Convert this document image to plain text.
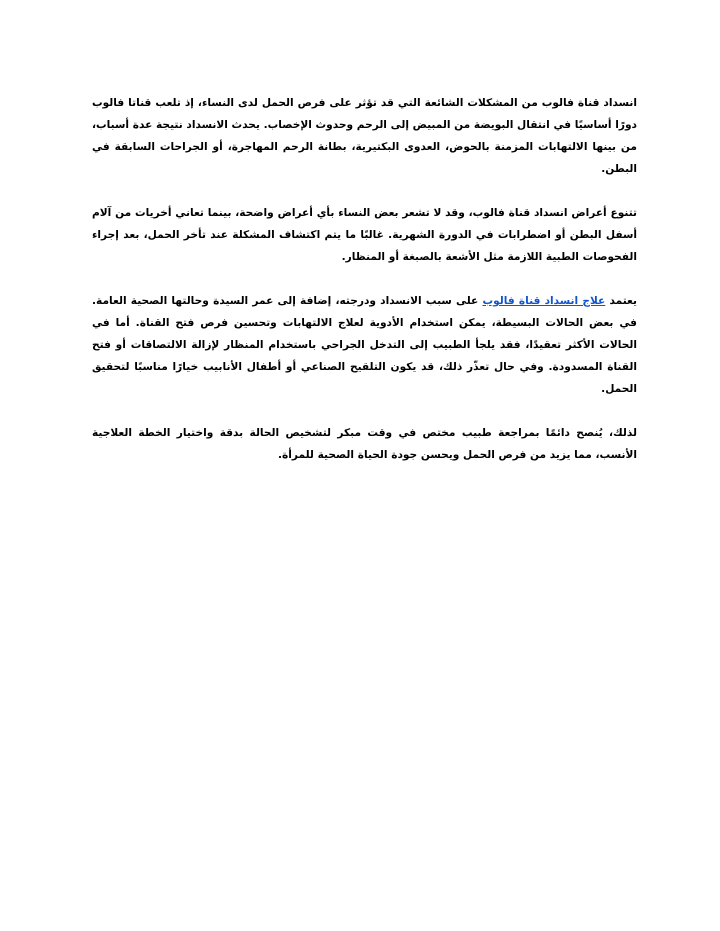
انسداد قناة فالوب من المشكلات الشائعة التي قد تؤثر على فرص الحمل لدى النساء، إذ تلعب قناتا فالوب دورًا أساسيًا في انتقال البويضة من المبيض إلى الرحم وحدوث الإخصاب. يحدث الانسداد نتيجة عدة أسباب، من بينها الالتهابات المزمنة بالحوض، العدوى البكتيرية، بطانة الرحم المهاجرة، أو الجراحات السابقة في البطن.

تتنوع أعراض انسداد قناة فالوب، وقد لا تشعر بعض النساء بأي أعراض واضحة، بينما تعاني أخريات من آلام أسفل البطن أو اضطرابات في الدورة الشهرية. غالبًا ما يتم اكتشاف المشكلة عند تأخر الحمل، بعد إجراء الفحوصات الطبية اللازمة مثل الأشعة بالصبغة أو المنظار.

يعتمد علاج انسداد قناة فالوب على سبب الانسداد ودرجته، إضافة إلى عمر السيدة وحالتها الصحية العامة. في بعض الحالات البسيطة، يمكن استخدام الأدوية لعلاج الالتهابات وتحسين فرص فتح القناة. أما في الحالات الأكثر تعقيدًا، فقد يلجأ الطبيب إلى التدخل الجراحي باستخدام المنظار لإزالة الالتصاقات أو فتح القناة المسدودة. وفي حال تعذّر ذلك، قد يكون التلقيح الصناعي أو أطفال الأنابيب خيارًا مناسبًا لتحقيق الحمل.

لذلك، يُنصح دائمًا بمراجعة طبيب مختص في وقت مبكر لتشخيص الحالة بدقة واختيار الخطة العلاجية الأنسب، مما يزيد من فرص الحمل ويحسن جودة الحياة الصحية للمرأة.
